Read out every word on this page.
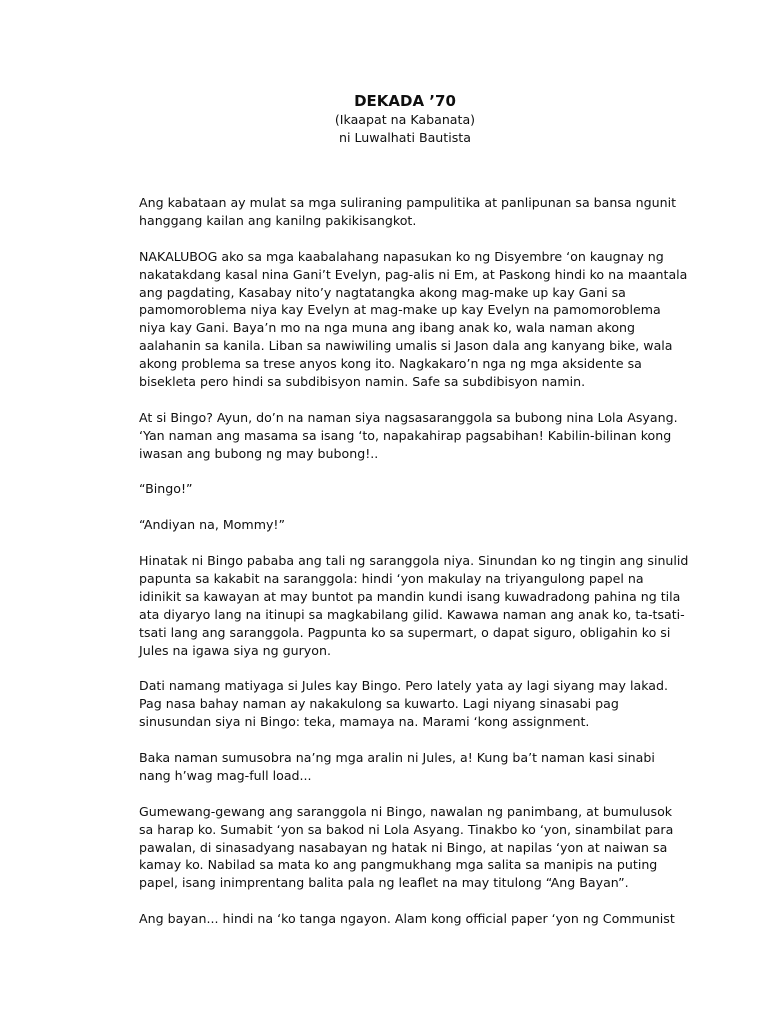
DEKADA ’70

(Ikaapat na Kabanata)

ni Luwalhati Bautista

Ang kabataan ay mulat sa mga suliraning pampulitika at panlipunan sa bansa ngunit
hanggang kailan ang kanilng pakikisangkot.

NAKALUBOG ako sa mga kaabalahang napasukan ko ng Disyembre ‘on kaugnay ng
nakatakdang kasal nina Gani’t Evelyn, pag-alis ni Em, at Paskong hindi ko na maantala
ang pagdating, Kasabay nito’y nagtatangka akong mag-make up kay Gani sa
pamomoroblema niya kay Evelyn at mag-make up kay Evelyn na pamomoroblema
niya kay Gani. Baya’n mo na nga muna ang ibang anak ko, wala naman akong
aalahanin sa kanila. Liban sa nawiwiling umalis si Jason dala ang kanyang bike, wala
akong problema sa trese anyos kong ito. Nagkakaro’n nga ng mga aksidente sa
bisekleta pero hindi sa subdibisyon namin. Safe sa subdibisyon namin.

At si Bingo? Ayun, do’n na naman siya nagsasaranggola sa bubong nina Lola Asyang.
‘Yan naman ang masama sa isang ‘to, napakahirap pagsabihan! Kabilin-bilinan kong
iwasan ang bubong ng may bubong!..

“Bingo!”

“Andiyan na, Mommy!”

Hinatak ni Bingo pababa ang tali ng saranggola niya. Sinundan ko ng tingin ang sinulid
papunta sa kakabit na saranggola: hindi ‘yon makulay na triyangulong papel na
idinikit sa kawayan at may buntot pa mandin kundi isang kuwadradong pahina ng tila
ata diyaryo lang na itinupi sa magkabilang gilid. Kawawa naman ang anak ko, ta-tsati-
tsati lang ang saranggola. Pagpunta ko sa supermart, o dapat siguro, obligahin ko si
Jules na igawa siya ng guryon.

Dati namang matiyaga si Jules kay Bingo. Pero lately yata ay lagi siyang may lakad.
Pag nasa bahay naman ay nakakulong sa kuwarto. Lagi niyang sinasabi pag
sinusundan siya ni Bingo: teka, mamaya na. Marami ‘kong assignment.

Baka naman sumusobra na’ng mga aralin ni Jules, a! Kung ba’t naman kasi sinabi
nang h’wag mag-full load...

Gumewang-gewang ang saranggola ni Bingo, nawalan ng panimbang, at bumulusok
sa harap ko. Sumabit ‘yon sa bakod ni Lola Asyang. Tinakbo ko ‘yon, sinambilat para
pawalan, di sinasadyang nasabayan ng hatak ni Bingo, at napilas ‘yon at naiwan sa
kamay ko. Nabilad sa mata ko ang pangmukhang mga salita sa manipis na puting
papel, isang inimprentang balita pala ng leaflet na may titulong “Ang Bayan”.

Ang bayan... hindi na ‘ko tanga ngayon. Alam kong official paper ‘yon ng Communist
